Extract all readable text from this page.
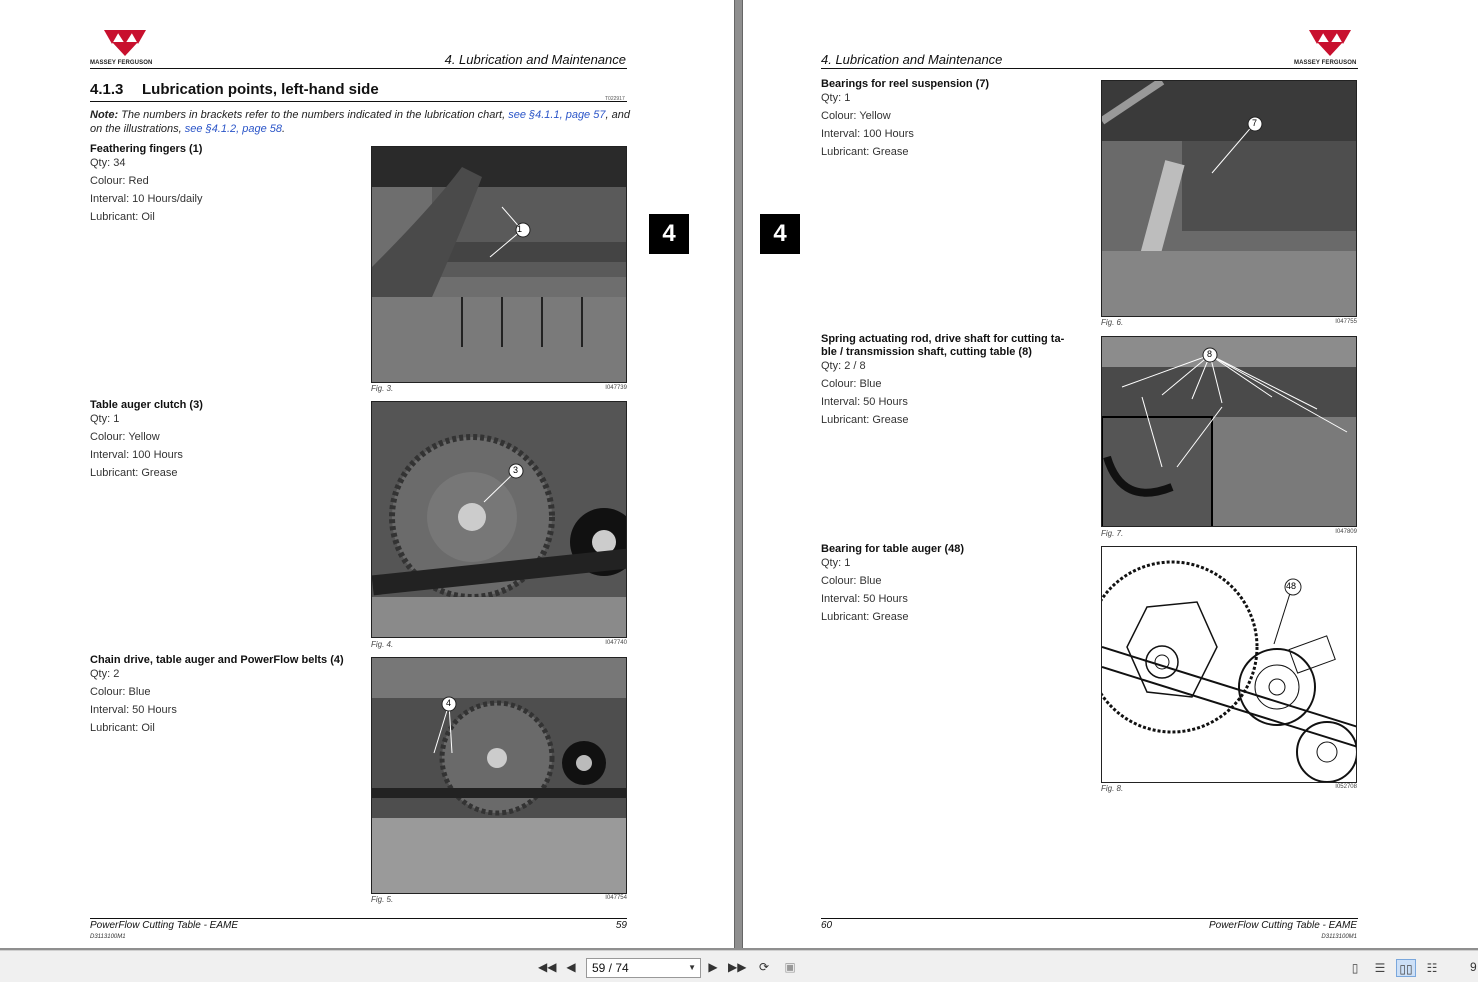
MASSEY FERGUSON	4. Lubrication and Maintenance
4.1.3 Lubrication points, left-hand side
T022917
Note: The numbers in brackets refer to the numbers indicated in the lubrication chart, see §4.1.1, page 57, and on the illustrations, see §4.1.2, page 58.
Feathering fingers (1)
Qty: 34
Colour: Red
Interval: 10 Hours/daily
Lubricant: Oil
1
Fig. 3.	I047739
Table auger clutch (3)
Qty: 1
Colour: Yellow
Interval: 100 Hours
Lubricant: Grease	3
Fig. 4.	I047740
Chain drive, table auger and PowerFlow belts (4)
Qty: 2
Colour: Blue
Interval: 50 Hours
Lubricant: Oil
4
Fig. 5.	I047754
4
PowerFlow Cutting Table - EAME
D3113100M1
59
4. Lubrication and Maintenance	MASSEY FERGUSON
4
Bearings for reel suspension (7)
Qty: 1
Colour: Yellow
Interval: 100 Hours
Lubricant: Grease
7
Fig. 6.	I047755
Spring actuating rod, drive shaft for cutting ta- ble / transmission shaft, cutting table (8)
Qty: 2 / 8
Colour: Blue
Interval: 50 Hours
Lubricant: Grease
8
Fig. 7.	I047809
Bearing for table auger (48)
Qty: 1
Colour: Blue
Interval: 50 Hours
Lubricant: Grease
48
Fig. 8.	I052708
60	PowerFlow Cutting Table - EAME
D3113100M1
◀◀ ◀	59 / 74	▼	▶ ▶▶	⟳	▣	▯	☰	▯▯	☷	9
